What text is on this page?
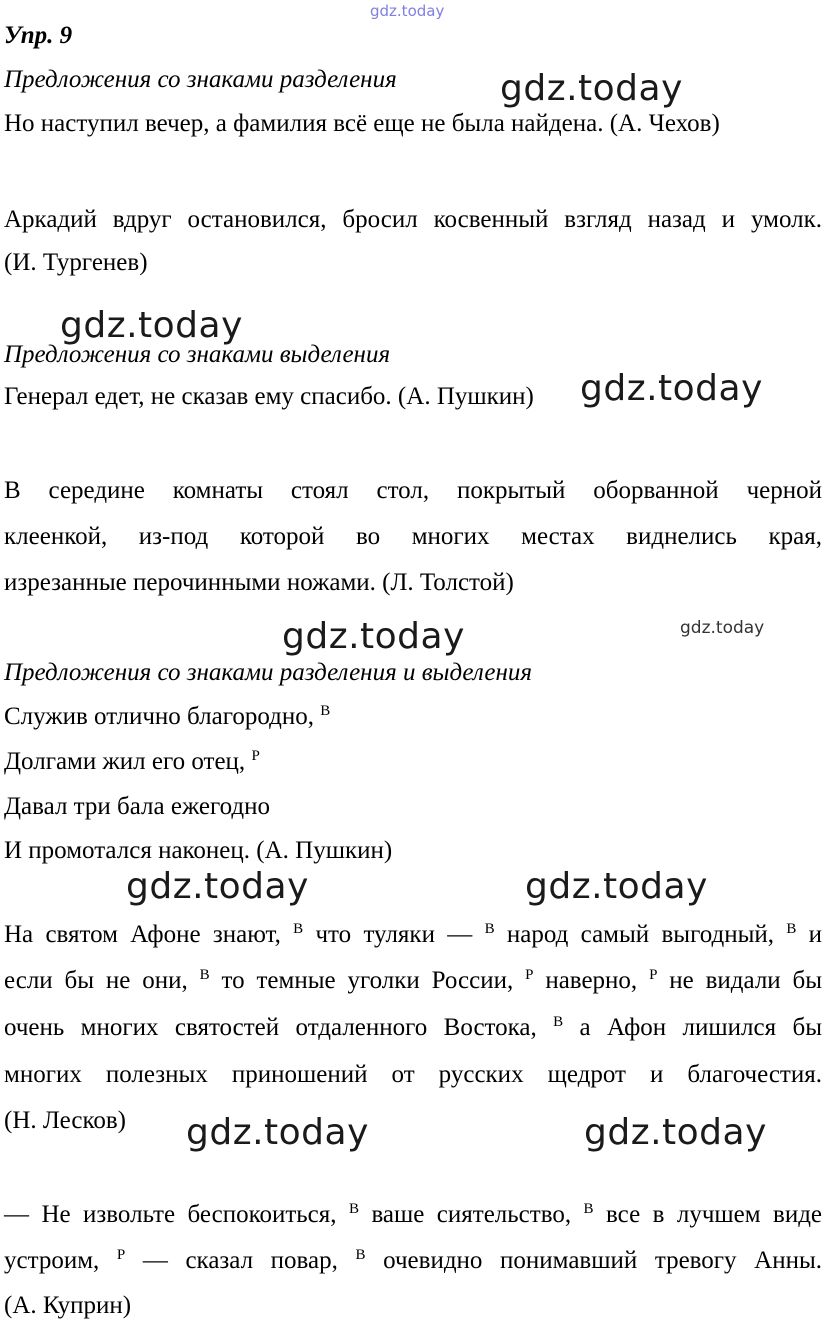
gdz.today
Упр. 9
Предложения со знаками разделения	gdz.today
Но наступил вечер, а фамилия всё еще не была найдена. (А. Чехов)
Аркадий вдруг остановился, бросил косвенный взгляд назад и умолк.
(И. Тургенев)
gdz.today
Предложения со знаками выделения
Генерал едет, не сказав ему спасибо. (А. Пушкин) gdz.today
В середине комнаты стоял стол, покрытый оборванной черной
клеенкой, из-под которой во многих местах виднелись края,
изрезанные перочинными ножами. (Л. Толстой)
gdz.today	gdz.today
Предложения со знаками разделения и выделения
Служив отлично благородно, $^В$
Долгами жил его отец, $^Р$
Давал три бала ежегодно
И промотался наконец. (А. Пушкин)
gdz.today	gdz.today
На святом Афоне знают, $^В$ что туляки — $^В$ народ самый выгодный, $^В$ и
если бы не они, $^В$ то темные уголки России, $^Р$ наверно, $^Р$ не видали бы
очень многих святостей отдаленного Востока, $^В$ а Афон лишился бы
многих полезных приношений от русских щедрот и благочестия.
(Н. Лесков) gdz.today	gdz.today
— Не извольте беспокоиться, $^В$ ваше сиятельство, $^В$ все в лучшем виде
устроим, $^Р$ — сказал повар, $^В$ очевидно понимавший тревогу Анны.
(А. Куприн)
